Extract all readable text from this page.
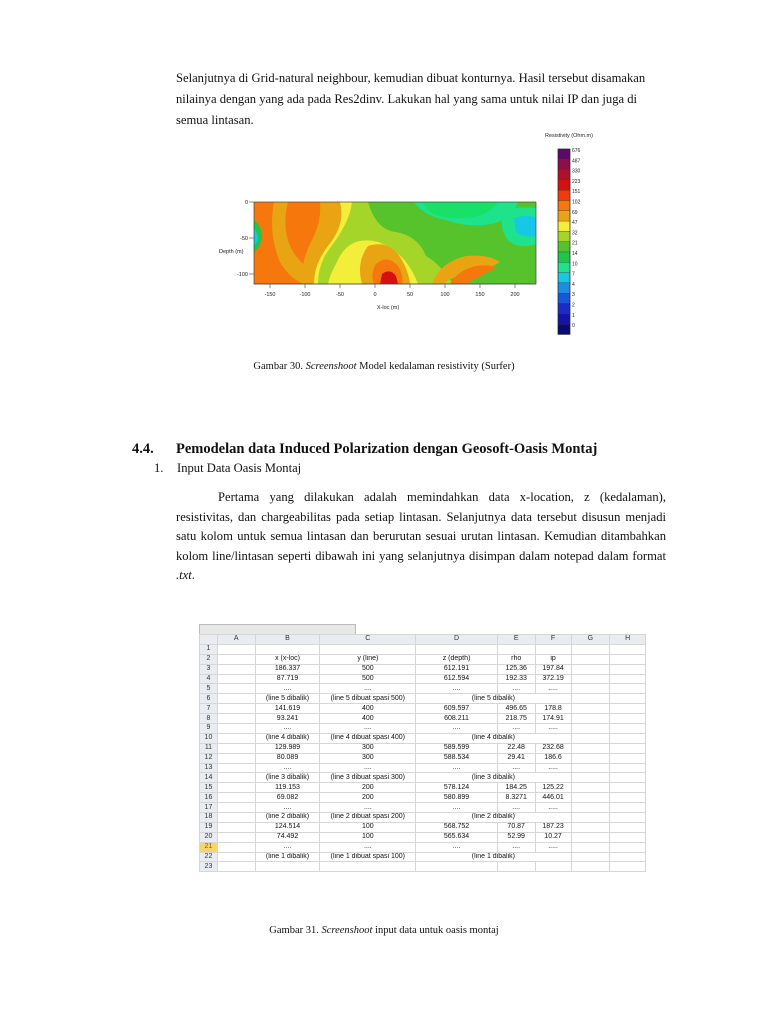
Selanjutnya di Grid-natural neighbour, kemudian dibuat konturnya. Hasil tersebut disamakan nilainya dengan yang ada pada Res2dinv. Lakukan hal yang sama untuk nilai IP dan juga di semua lintasan.
0
-50
-100
Depth (m)
-150	-100	-50	0	50	100	150	200
X-loc (m)
Resistivity (Ohm.m)
676
487
330
223
151
102
69
47
32
21
14
10
7
4
3
2
1
0
Gambar 30. Screenshoot Model kedalaman resistivity (Surfer)
4.4. Pemodelan data Induced Polarization dengan Geosoft-Oasis Montaj
1. Input Data Oasis Montaj
Pertama yang dilakukan adalah memindahkan data x-location, z (kedalaman), resistivitas, dan chargeabilitas pada setiap lintasan. Selanjutnya data tersebut disusun menjadi satu kolom untuk semua lintasan dan berurutan sesuai urutan lintasan. Kemudian ditambahkan kolom line/lintasan seperti dibawah ini yang selanjutnya disimpan dalam notepad dalam format .txt.
	A	B	C	D	E	F	G	H
1								
2		x (x-loc)	y (line)	z (depth)	rho	ip		
3		186.337	500	612.191	125.36	197.84		
4		87.719	500	612.594	192.33	372.19		
5		....	....	....	....	.....		
6		(line 5 dibalik)	(line 5 dibuat spasi 500)	(line 5 dibalik)				
7		141.619	400	609.597	496.65	178.8		
8		93.241	400	608.211	218.75	174.91		
9		....	....	....	....	.....		
10		(line 4 dibalik)	(line 4 dibuat spasi 400)	(line 4 dibalik)				
11		129.989	300	589.599	22.48	232.68		
12		80.089	300	588.534	29.41	186.6		
13		....	....	....	....	.....		
14		(line 3 dibalik)	(line 3 dibuat spasi 300)	(line 3 dibalik)				
15		119.153	200	578.124	184.25	125.22		
16		69.082	200	580.899	8.3271	446.01		
17		....	....	....	....	.....		
18		(line 2 dibalik)	(line 2 dibuat spasi 200)	(line 2 dibalik)				
19		124.514	100	568.752	70.87	187.23		
20		74.492	100	565.634	52.99	10.27		
21		....	....	....	....	.....		
22		(line 1 dibalik)	(line 1 dibuat spasi 100)	(line 1 dibalik)				
23								
Gambar 31. Screenshoot input data untuk oasis montaj
